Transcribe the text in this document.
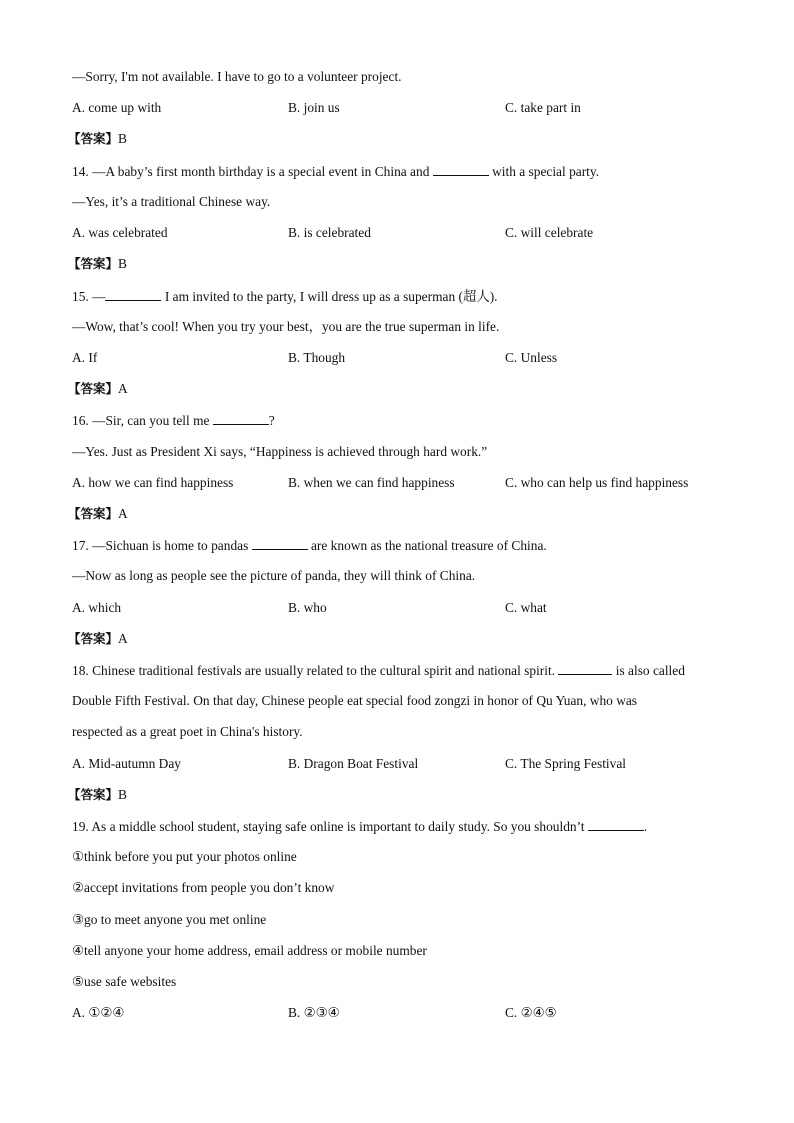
—Sorry, I'm not available. I have to go to a volunteer project.
A. come up with	B. join us	C. take part in
【答案】B
14. —A baby’s first month birthday is a special event in China and	with a special party.
—Yes, it’s a traditional Chinese way.
A. was celebrated	B. is celebrated	C. will celebrate
【答案】B
15. —	I am invited to the party, I will dress up as a superman (超人).
—Wow, that’s cool! When you try your best，you are the true superman in life.
A. If	B. Though	C. Unless
【答案】A
16. —Sir, can you tell me	?
—Yes. Just as President Xi says, “Happiness is achieved through hard work.”
A. how we can find happiness	B. when we can find happiness	C. who can help us find happiness
【答案】A
17. —Sichuan is home to pandas	are known as the national treasure of China.
—Now as long as people see the picture of panda, they will think of China.
A. which	B. who	C. what
【答案】A
18. Chinese traditional festivals are usually related to the cultural spirit and national spirit.	is also called
Double Fifth Festival. On that day, Chinese people eat special food zongzi in honor of Qu Yuan, who was
respected as a great poet in China's history.
A. Mid-autumn Day	B. Dragon Boat Festival	C. The Spring Festival
【答案】B
19. As a middle school student, staying safe online is important to daily study. So you shouldn’t	.
①think before you put your photos online
②accept invitations from people you don’t know
③go to meet anyone you met online
④tell anyone your home address, email address or mobile number
⑤use safe websites
A. ①②④	B. ②③④	C. ②④⑤
